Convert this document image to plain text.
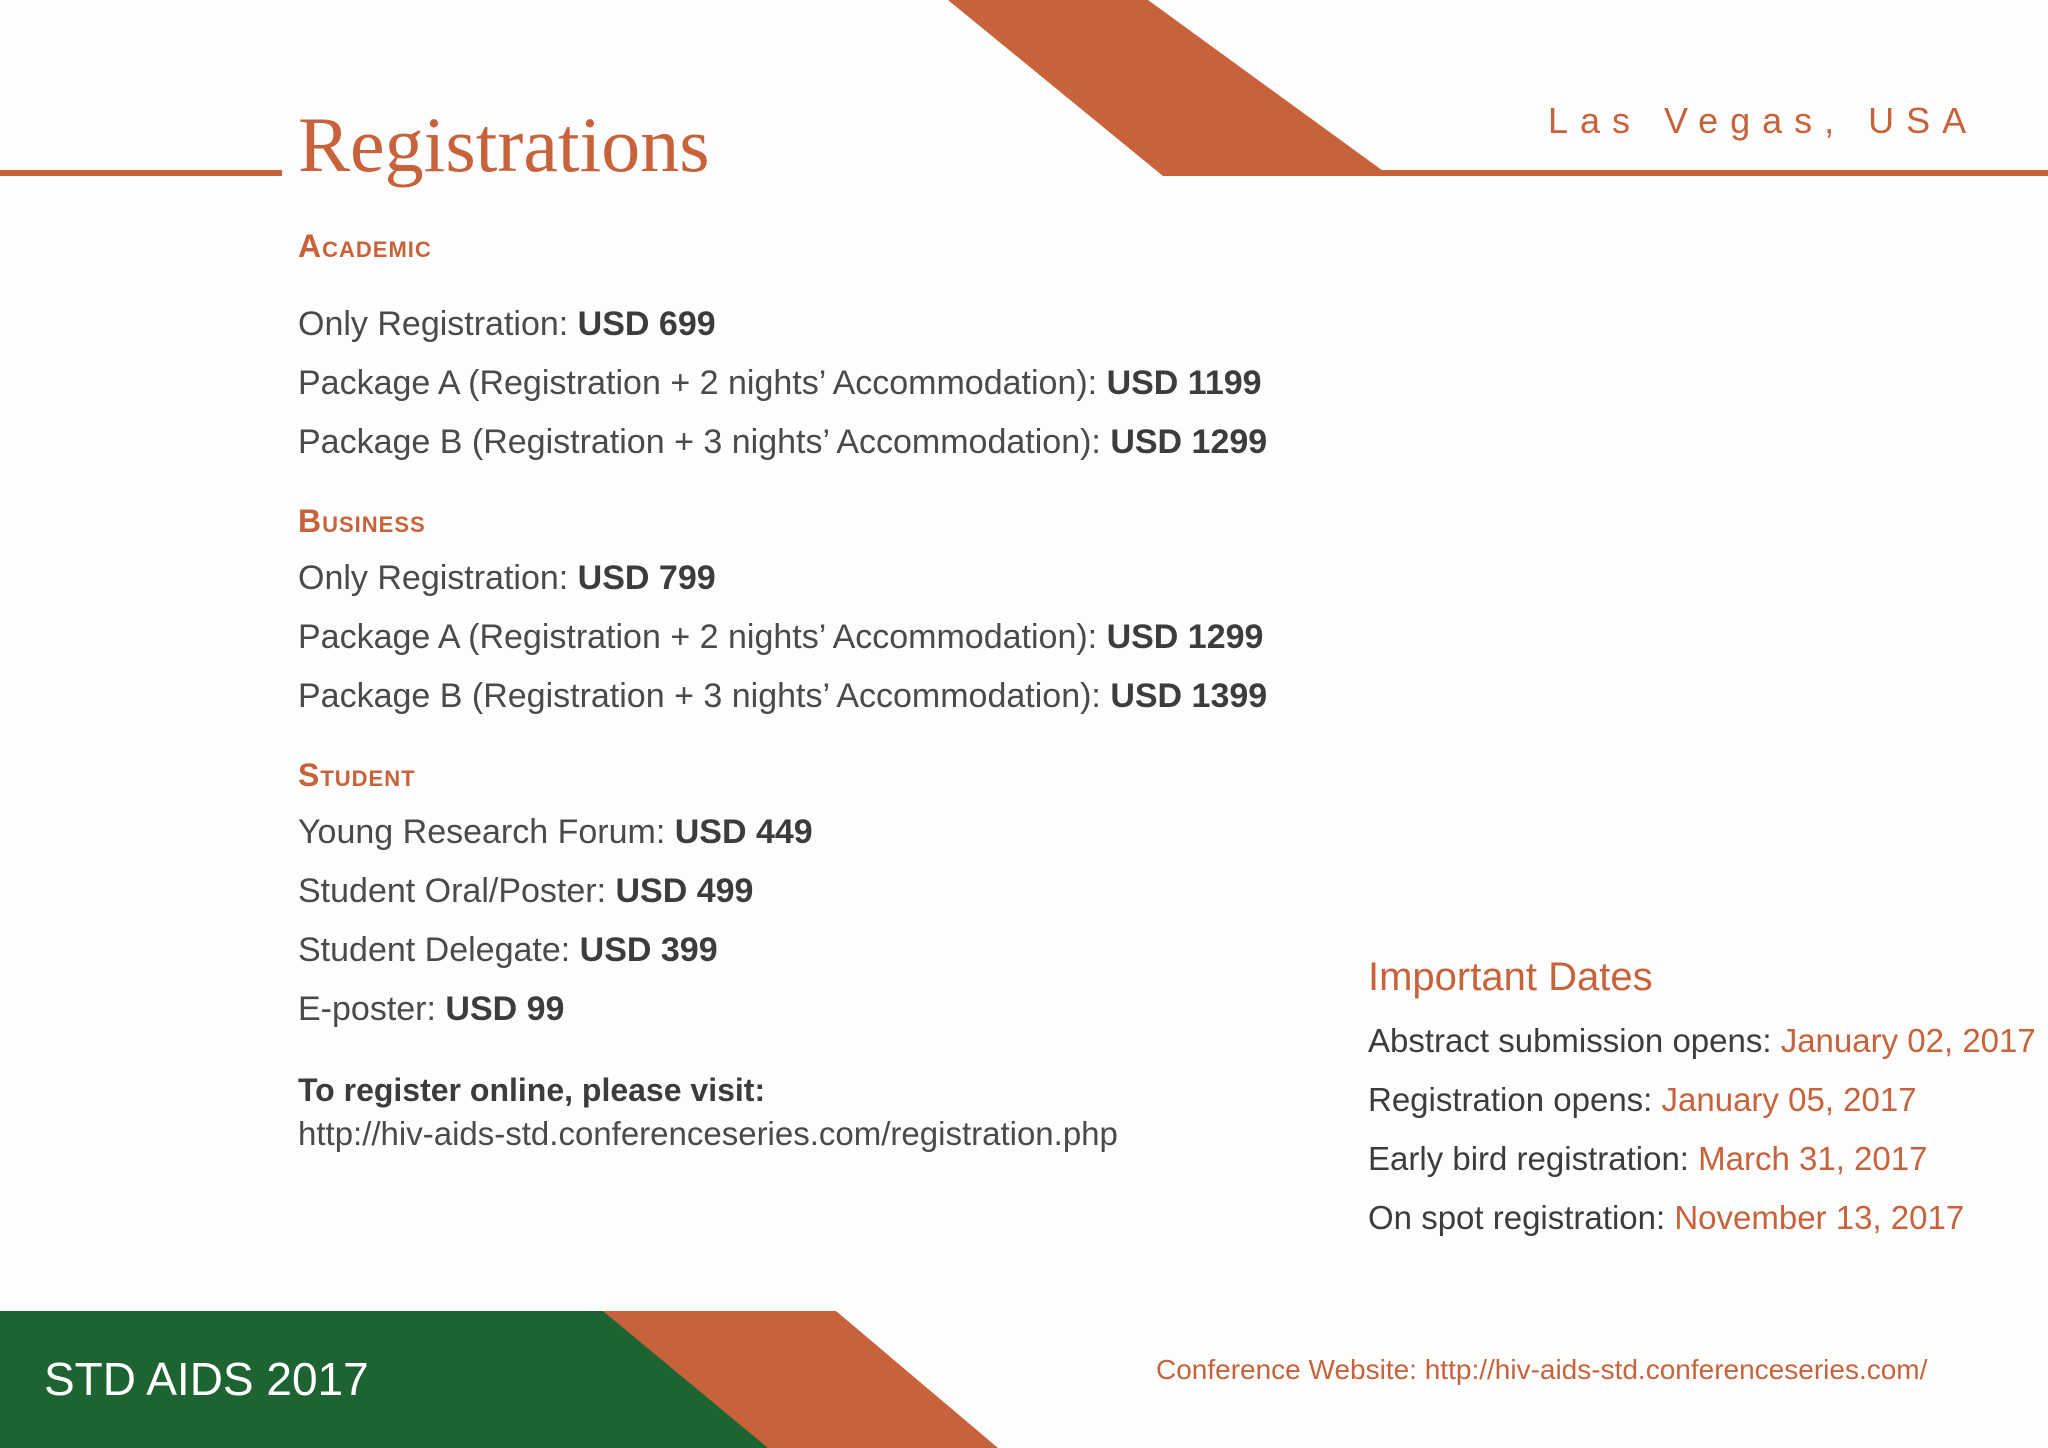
Registrations	Las Vegas, USA
Academic
Only Registration: USD 699
Package A (Registration + 2 nights’ Accommodation): USD 1199
Package B (Registration + 3 nights’ Accommodation): USD 1299
Business
Only Registration: USD 799
Package A (Registration + 2 nights’ Accommodation): USD 1299
Package B (Registration + 3 nights’ Accommodation): USD 1399
Student
Young Research Forum: USD 449
Student Oral/Poster: USD 499
Student Delegate: USD 399
E-poster: USD 99
To register online, please visit:
http://hiv-aids-std.conferenceseries.com/registration.php
Important Dates
Abstract submission opens: January 02, 2017
Registration opens: January 05, 2017
Early bird registration: March 31, 2017
On spot registration: November 13, 2017
STD AIDS 2017	Conference Website: http://hiv-aids-std.conferenceseries.com/
